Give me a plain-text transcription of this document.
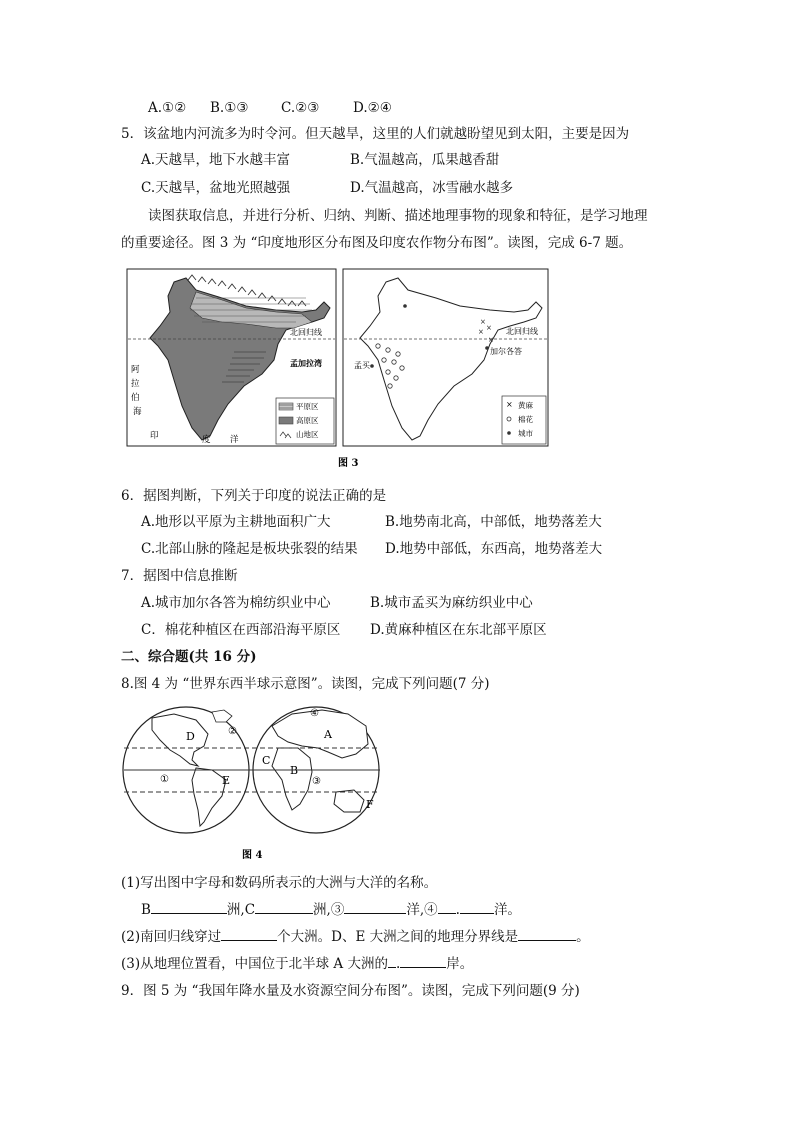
A.①② B.①③ C.②③ D.②④
5．该盆地内河流多为时令河。但天越旱，这里的人们就越盼望见到太阳，主要是因为
A.天越旱，地下水越丰富	B.气温越高，瓜果越香甜
C.天越旱，盆地光照越强	D.气温越高，冰雪融水越多
读图获取信息，并进行分析、归纳、判断、描述地理事物的现象和特征，是学习地理
的重要途径。图 3 为 “印度地形区分布图及印度农作物分布图”。读图，完成 6-7 题。
北回归线
孟加拉湾
阿
拉
伯
海
印	度 洋
平原区
高原区
山地区
北回归线
×
×
×
×
加尔各答
孟买
× 黄麻
棉花
城市
图 3
6．据图判断，下列关于印度的说法正确的是
A.地形以平原为主耕地面积广大	B.地势南北高，中部低，地势落差大
C.北部山脉的隆起是板块张裂的结果 D.地势中部低，东西高，地势落差大
7．据图中信息推断
A.城市加尔各答为棉纺织业中心	B.城市孟买为麻纺织业中心
C．棉花种植区在西部沿海平原区 D.黄麻种植区在东北部平原区
二、综合题(共 16 分)
8.图 4 为 “世界东西半球示意图”。读图，完成下列问题(7 分)
D	②
①	E
④
A
C
B
③
F
图 4
(1)写出图中字母和数码所表示的大洲与大洋的名称。
B	洲,C	洲,③	洋,④ .	洋。
(2)南回归线穿过	个大洲。D、E 大洲之间的地理分界线是	。
(3)从地理位置看，中国位于北半球 A 大洲的 .	岸。
9．图 5 为 “我国年降水量及水资源空间分布图”。读图，完成下列问题(9 分)
